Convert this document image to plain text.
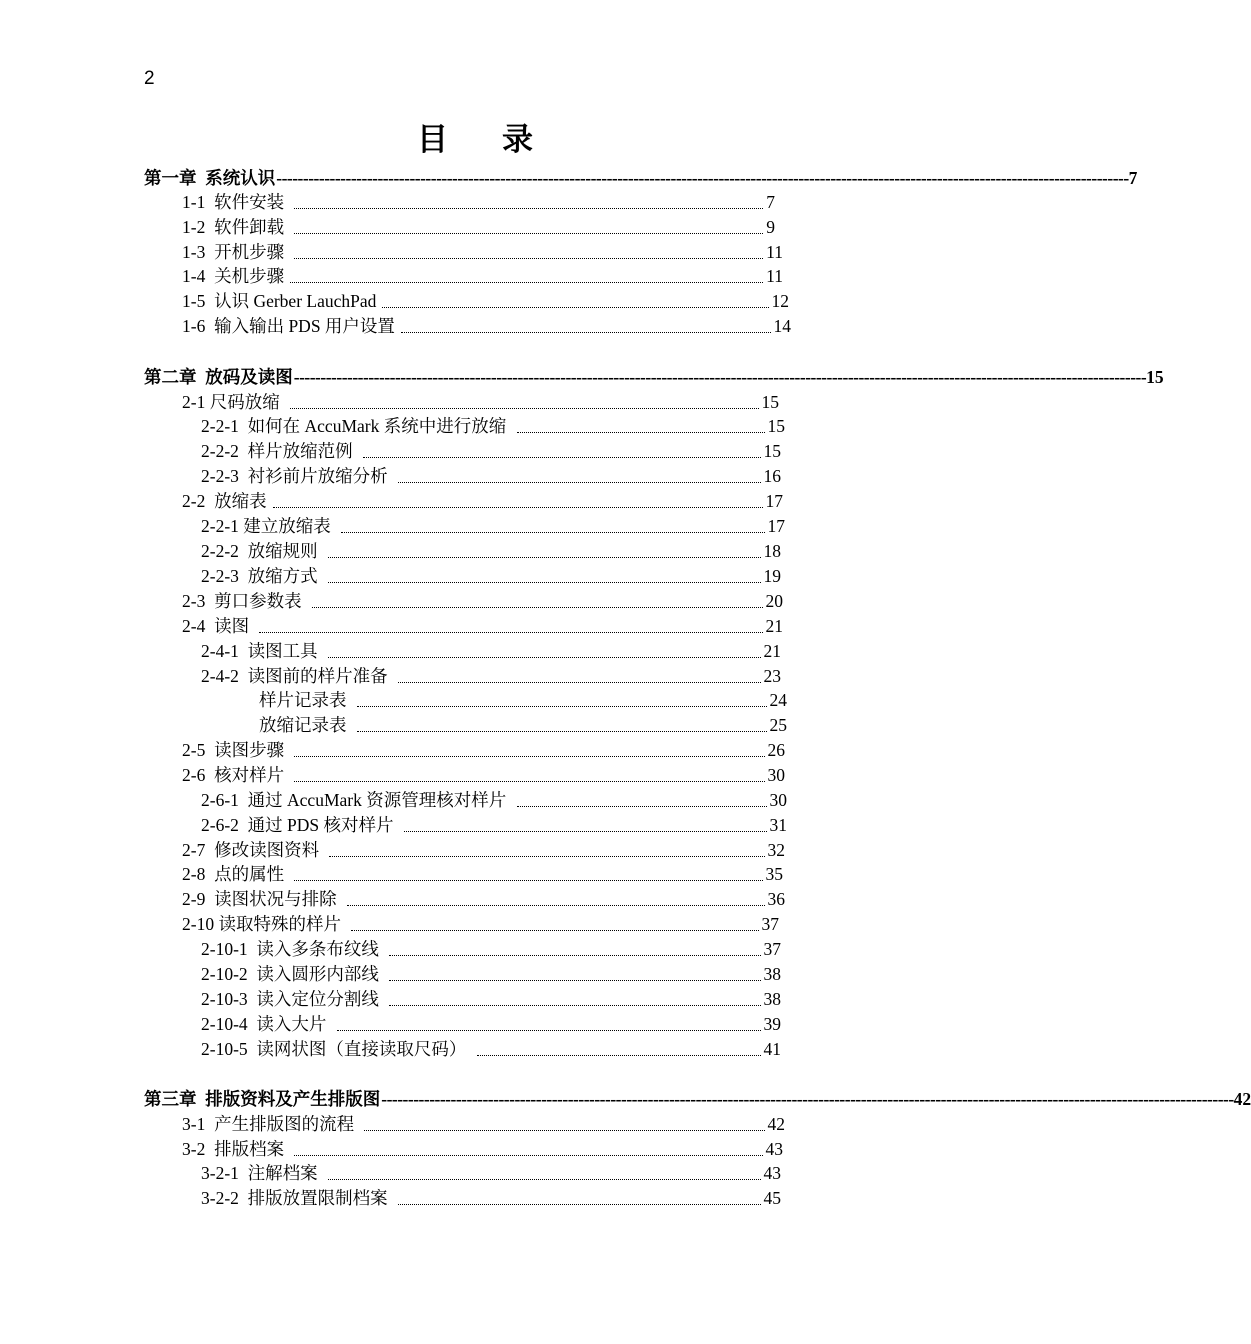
2
目录
第一章  系统认识 ---------------------------------------------------------------------------------------------------------------------------------------------------------------- 7
1-1  软件安装	7
1-2  软件卸载	9
1-3  开机步骤	11
1-4  关机步骤	11
1-5  认识 Gerber LauchPad	12
1-6  输入输出 PDS 用户设置	14
第二章  放码及读图 ---------------------------------------------------------------------------------------------------------------------------------------------------------------- 15
2-1 尺码放缩	15
2-2-1  如何在 AccuMark 系统中进行放缩	15
2-2-2  样片放缩范例	15
2-2-3  衬衫前片放缩分析	16
2-2  放缩表	17
2-2-1 建立放缩表	17
2-2-2  放缩规则	18
2-2-3  放缩方式	19
2-3  剪口参数表	20
2-4  读图	21
2-4-1  读图工具	21
2-4-2  读图前的样片准备	23
样片记录表	24
放缩记录表	25
2-5  读图步骤	26
2-6  核对样片	30
2-6-1  通过 AccuMark 资源管理核对样片	30
2-6-2  通过 PDS 核对样片	31
2-7  修改读图资料	32
2-8  点的属性	35
2-9  读图状况与排除	36
2-10 读取特殊的样片	37
2-10-1  读入多条布纹线	37
2-10-2  读入圆形内部线	38
2-10-3  读入定位分割线	38
2-10-4  读入大片	39
2-10-5  读网状图（直接读取尺码）	41
第三章  排版资料及产生排版图 ---------------------------------------------------------------------------------------------------------------------------------------------------------------- 42
3-1  产生排版图的流程	42
3-2  排版档案	43
3-2-1  注解档案	43
3-2-2  排版放置限制档案	45
